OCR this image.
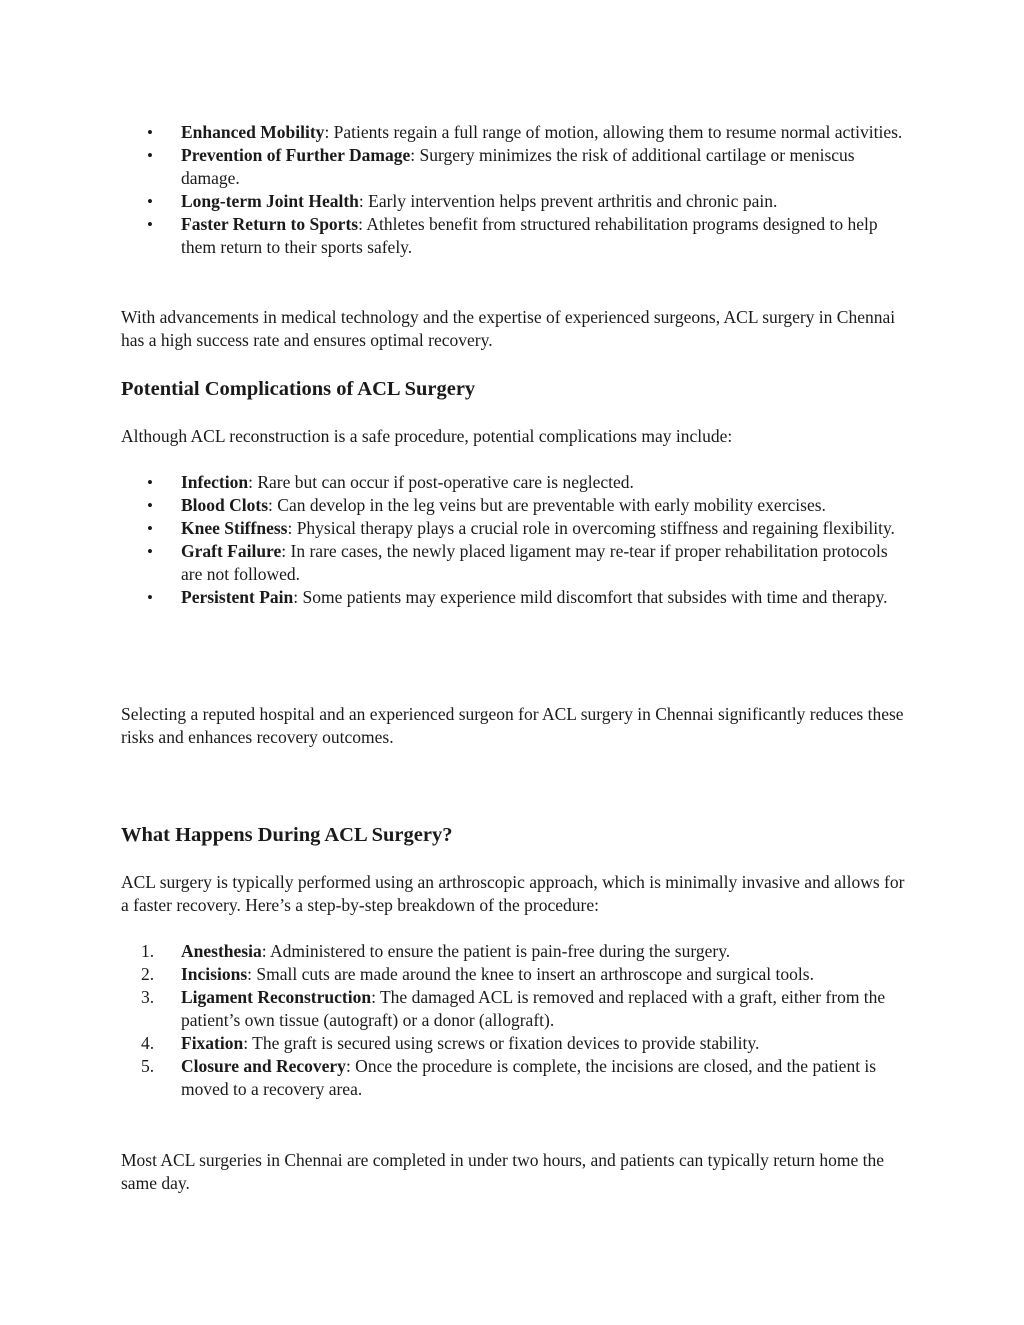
• Enhanced Mobility: Patients regain a full range of motion, allowing them to resume normal activities.
• Prevention of Further Damage: Surgery minimizes the risk of additional cartilage or meniscus damage.
• Long-term Joint Health: Early intervention helps prevent arthritis and chronic pain.
• Faster Return to Sports: Athletes benefit from structured rehabilitation programs designed to help them return to their sports safely.

With advancements in medical technology and the expertise of experienced surgeons, ACL surgery in Chennai has a high success rate and ensures optimal recovery.

Potential Complications of ACL Surgery

Although ACL reconstruction is a safe procedure, potential complications may include:

• Infection: Rare but can occur if post-operative care is neglected.
• Blood Clots: Can develop in the leg veins but are preventable with early mobility exercises.
• Knee Stiffness: Physical therapy plays a crucial role in overcoming stiffness and regaining flexibility.
• Graft Failure: In rare cases, the newly placed ligament may re-tear if proper rehabilitation protocols are not followed.
• Persistent Pain: Some patients may experience mild discomfort that subsides with time and therapy.

Selecting a reputed hospital and an experienced surgeon for ACL surgery in Chennai significantly reduces these risks and enhances recovery outcomes.

What Happens During ACL Surgery?

ACL surgery is typically performed using an arthroscopic approach, which is minimally invasive and allows for a faster recovery. Here’s a step-by-step breakdown of the procedure:

1. Anesthesia: Administered to ensure the patient is pain-free during the surgery.
2. Incisions: Small cuts are made around the knee to insert an arthroscope and surgical tools.
3. Ligament Reconstruction: The damaged ACL is removed and replaced with a graft, either from the patient’s own tissue (autograft) or a donor (allograft).
4. Fixation: The graft is secured using screws or fixation devices to provide stability.
5. Closure and Recovery: Once the procedure is complete, the incisions are closed, and the patient is moved to a recovery area.

Most ACL surgeries in Chennai are completed in under two hours, and patients can typically return home the same day.
